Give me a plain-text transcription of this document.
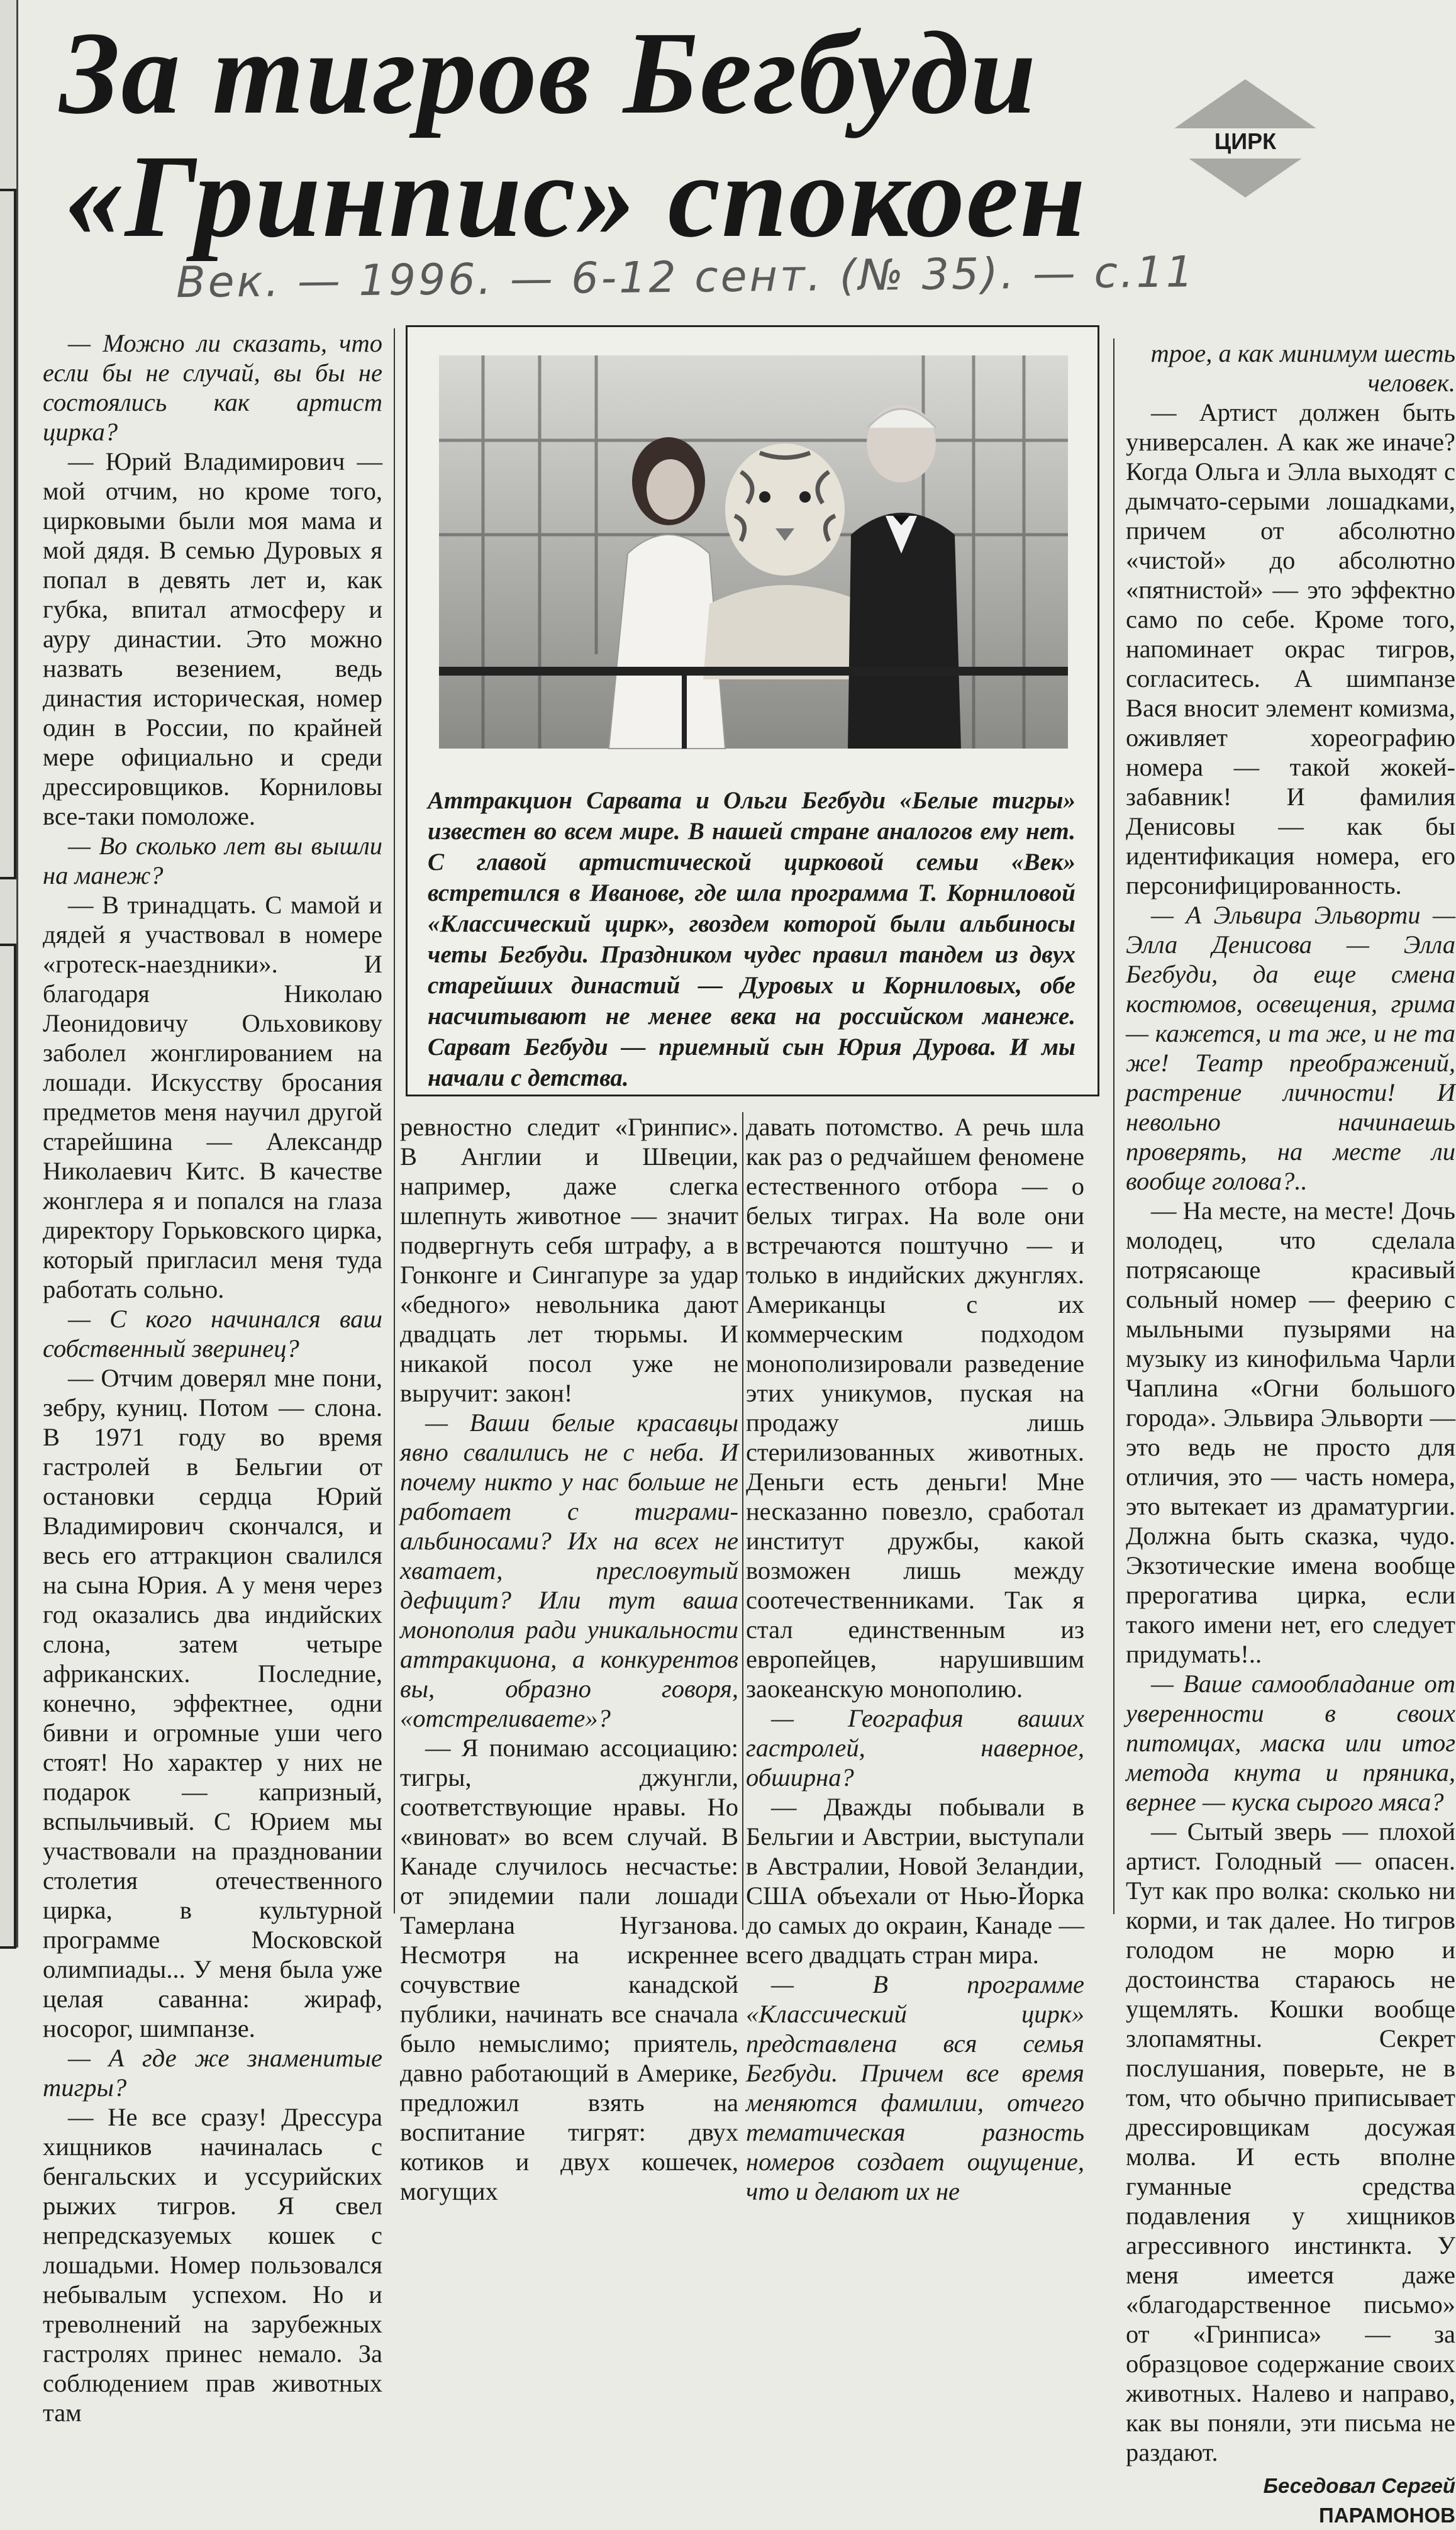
За тигров Бегбуди
«Гринпис» спокоен	ЦИРК
Век. — 1996. — 6-12 сент. (№ 35). — с.11

— Можно ли сказать, что если бы не случай, вы бы не состоялись как артист цирка?

— Юрий Владимирович — мой отчим, но кроме того, цирковыми были моя мама и мой дядя. В семью Дуровых я попал в девять лет и, как губка, впитал атмосферу и ауру династии. Это можно назвать везением, ведь династия историческая, номер один в России, по крайней мере официально и среди дрессировщиков. Корниловы все-таки помоложе.

— Во сколько лет вы вышли на манеж?

— В тринадцать. С мамой и дядей я участвовал в номере «гротеск-наездники». И благодаря Николаю Леонидовичу Ольховикову заболел жонглированием на лошади. Искусству бросания предметов меня научил другой старейшина — Александр Николаевич Китс. В качестве жонглера я и попался на глаза директору Горьковского цирка, который пригласил меня туда работать сольно.

— С кого начинался ваш собственный зверинец?

— Отчим доверял мне пони, зебру, куниц. Потом — слона. В 1971 году во время гастролей в Бельгии от остановки сердца Юрий Владимирович скончался, и весь его аттракцион свалился на сына Юрия. А у меня через год оказались два индийских слона, затем четыре африканских. Последние, конечно, эффектнее, одни бивни и огромные уши чего стоят! Но характер у них не подарок — капризный, вспыльчивый. С Юрием мы участвовали на праздновании столетия отечественного цирка, в культурной программе Московской олимпиады... У меня была уже целая саванна: жираф, носорог, шимпанзе.

— А где же знаменитые тигры?

— Не все сразу! Дрессура хищников начиналась с бенгальских и уссурийских рыжих тигров. Я свел непредсказуемых кошек с лошадьми. Номер пользовался небывалым успехом. Но и треволнений на зарубежных гастролях принес немало. За соблюдением прав животных там

Аттракцион Сарвата и Ольги Бегбуди «Белые тигры» известен во всем мире. В нашей стране аналогов ему нет. С главой артистической цирковой семьи «Век» встретился в Иванове, где шла программа Т. Корниловой «Классический цирк», гвоздем которой были альбиносы четы Бегбуди. Праздником чудес правил тандем из двух старейших династий — Дуровых и Корниловых, обе насчитывают не менее века на российском манеже. Сарват Бегбуди — приемный сын Юрия Дурова. И мы начали с детства.

ревностно следит «Гринпис». В Англии и Швеции, например, даже слегка шлепнуть животное — значит подвергнуть себя штрафу, а в Гонконге и Сингапуре за удар «бедного» невольника дают двадцать лет тюрьмы. И никакой посол уже не выручит: закон!

— Ваши белые красавцы явно свалились не с неба. И почему никто у нас больше не работает с тиграми-альбиносами? Их на всех не хватает, пресловутый дефицит? Или тут ваша монополия ради уникальности аттракциона, а конкурентов вы, образно говоря, «отстреливаете»?

— Я понимаю ассоциацию: тигры, джунгли, соответствующие нравы. Но «виноват» во всем случай. В Канаде случилось несчастье: от эпидемии пали лошади Тамерлана Нугзанова. Несмотря на искреннее сочувствие канадской публики, начинать все сначала было немыслимо; приятель, давно работающий в Америке, предложил взять на воспитание тигрят: двух котиков и двух кошечек, могущих

давать потомство. А речь шла как раз о редчайшем феномене естественного отбора — о белых тиграх. На воле они встречаются поштучно — и только в индийских джунглях. Американцы с их коммерческим подходом монополизировали разведение этих уникумов, пуская на продажу лишь стерилизованных животных. Деньги есть деньги! Мне несказанно повезло, сработал институт дружбы, какой возможен лишь между соотечественниками. Так я стал единственным из европейцев, нарушившим заокеанскую монополию.

— География ваших гастролей, наверное, обширна?

— Дважды побывали в Бельгии и Австрии, выступали в Австралии, Новой Зеландии, США объехали от Нью-Йорка до самых до окраин, Канаде — всего двадцать стран мира.

— В программе «Классический цирк» представлена вся семья Бегбуди. Причем все время меняются фамилии, отчего тематическая разность номеров создает ощущение, что и делают их не

трое, а как минимум шесть человек.

— Артист должен быть универсален. А как же иначе? Когда Ольга и Элла выходят с дымчато-серыми лошадками, причем от абсолютно «чистой» до абсолютно «пятнистой» — это эффектно само по себе. Кроме того, напоминает окрас тигров, согласитесь. А шимпанзе Вася вносит элемент комизма, оживляет хореографию номера — такой жокей-забавник! И фамилия Денисовы — как бы идентификация номера, его персонифицированность.

— А Эльвира Эльворти — Элла Денисова — Элла Бегбуди, да еще смена костюмов, освещения, грима — кажется, и та же, и не та же! Театр преображений, растрение личности! И невольно начинаешь проверять, на месте ли вообще голова?..

— На месте, на месте! Дочь молодец, что сделала потрясающе красивый сольный номер — феерию с мыльными пузырями на музыку из кинофильма Чарли Чаплина «Огни большого города». Эльвира Эльворти — это ведь не просто для отличия, это — часть номера, это вытекает из драматургии. Должна быть сказка, чудо. Экзотические имена вообще прерогатива цирка, если такого имени нет, его следует придумать!..

— Ваше самообладание от уверенности в своих питомцах, маска или итог метода кнута и пряника, вернее — куска сырого мяса?

— Сытый зверь — плохой артист. Голодный — опасен. Тут как про волка: сколько ни корми, и так далее. Но тигров голодом не морю и достоинства стараюсь не ущемлять. Кошки вообще злопамятны. Секрет послушания, поверьте, не в том, что обычно приписывает дрессировщикам досужая молва. И есть вполне гуманные средства подавления у хищников агрессивного инстинкта. У меня имеется даже «благодарственное письмо» от «Гринписа» — за образцовое содержание своих животных. Налево и направо, как вы поняли, эти письма не раздают.

Беседовал Сергей ПАРАМОНОВ
